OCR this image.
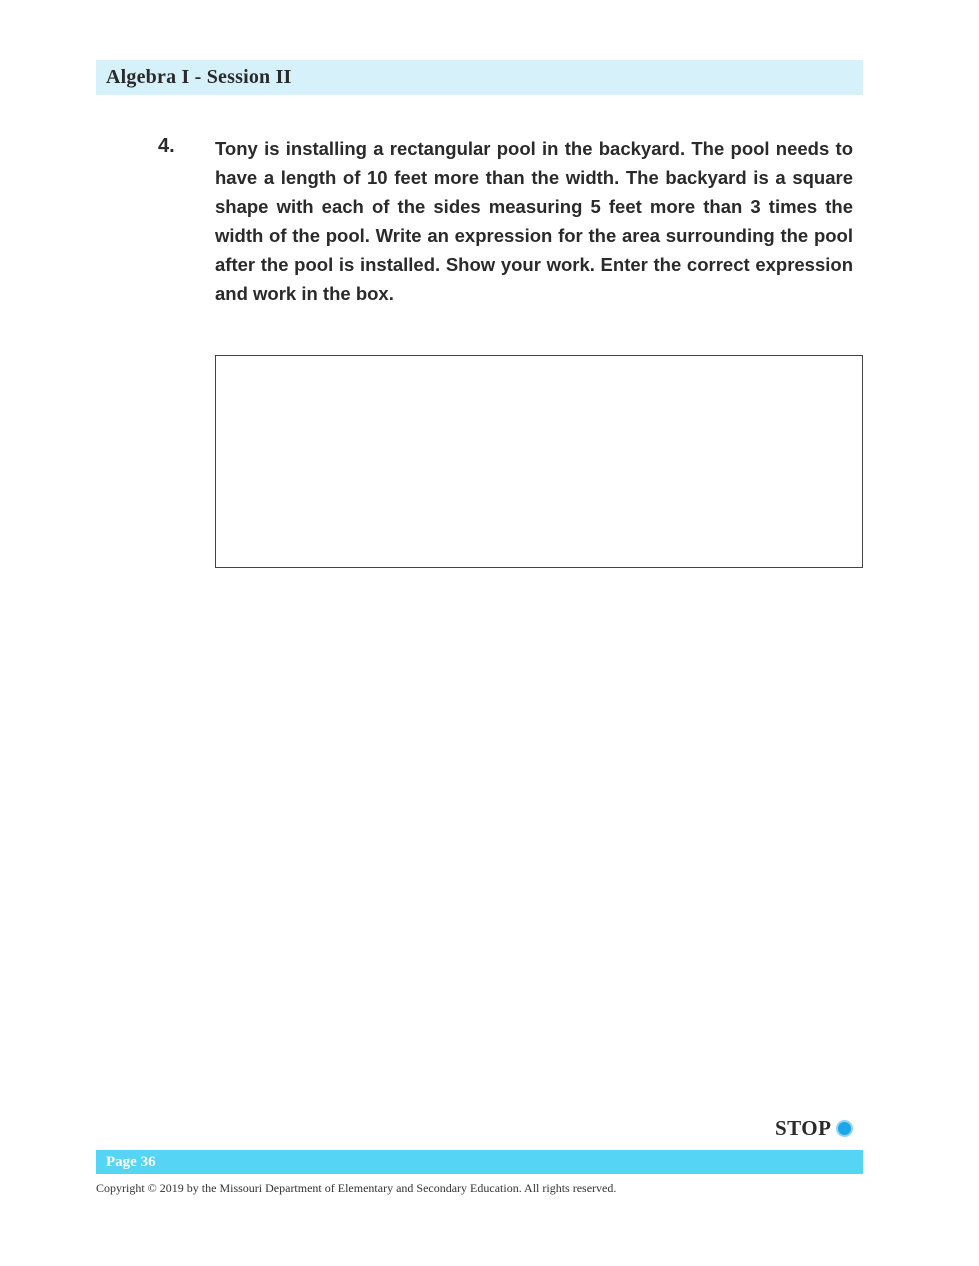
Algebra I - Session II
4. Tony is installing a rectangular pool in the backyard. The pool needs to have a length of 10 feet more than the width. The backyard is a square shape with each of the sides measuring 5 feet more than 3 times the width of the pool. Write an expression for the area surrounding the pool after the pool is installed. Show your work. Enter the correct expression and work in the box.

STOP
Page 36
Copyright © 2019 by the Missouri Department of Elementary and Secondary Education. All rights reserved.
